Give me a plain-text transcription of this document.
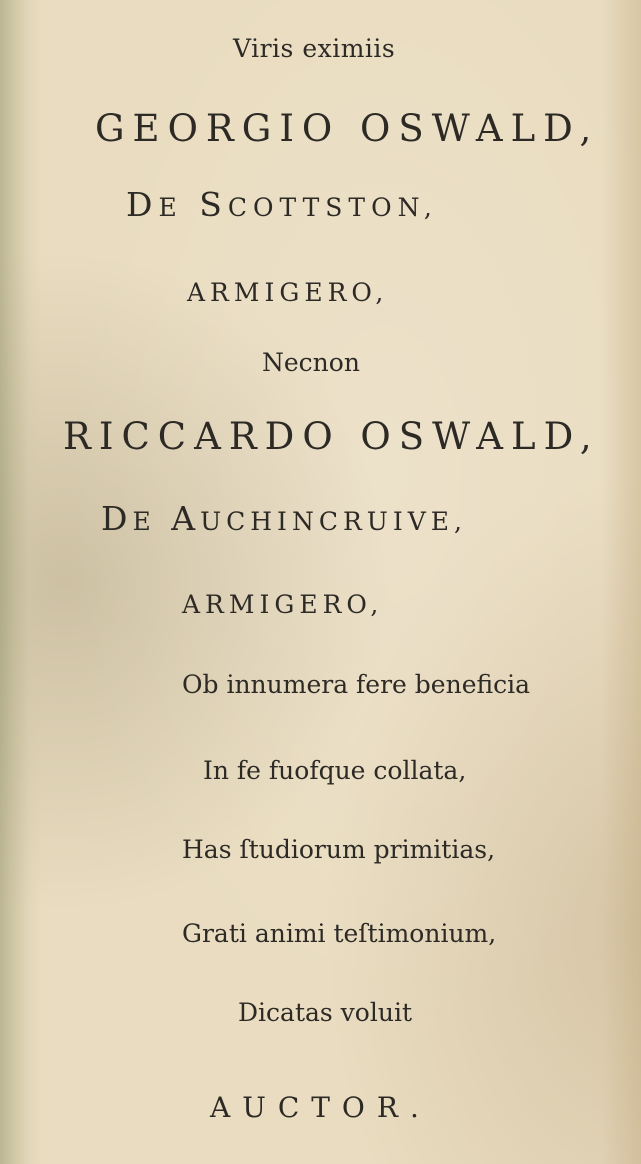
Viris eximiis

GEORGIO OSWALD,

DE SCOTTSTON,

ARMIGERO,

Necnon

RICCARDO OSWALD,

DE AUCHINCRUIVE,

ARMIGERO,

Ob innumera fere beneficia

In fe fuofque collata,

Has ſtudiorum primitias,

Grati animi teſtimonium,

Dicatas voluit

AUCTOR.
